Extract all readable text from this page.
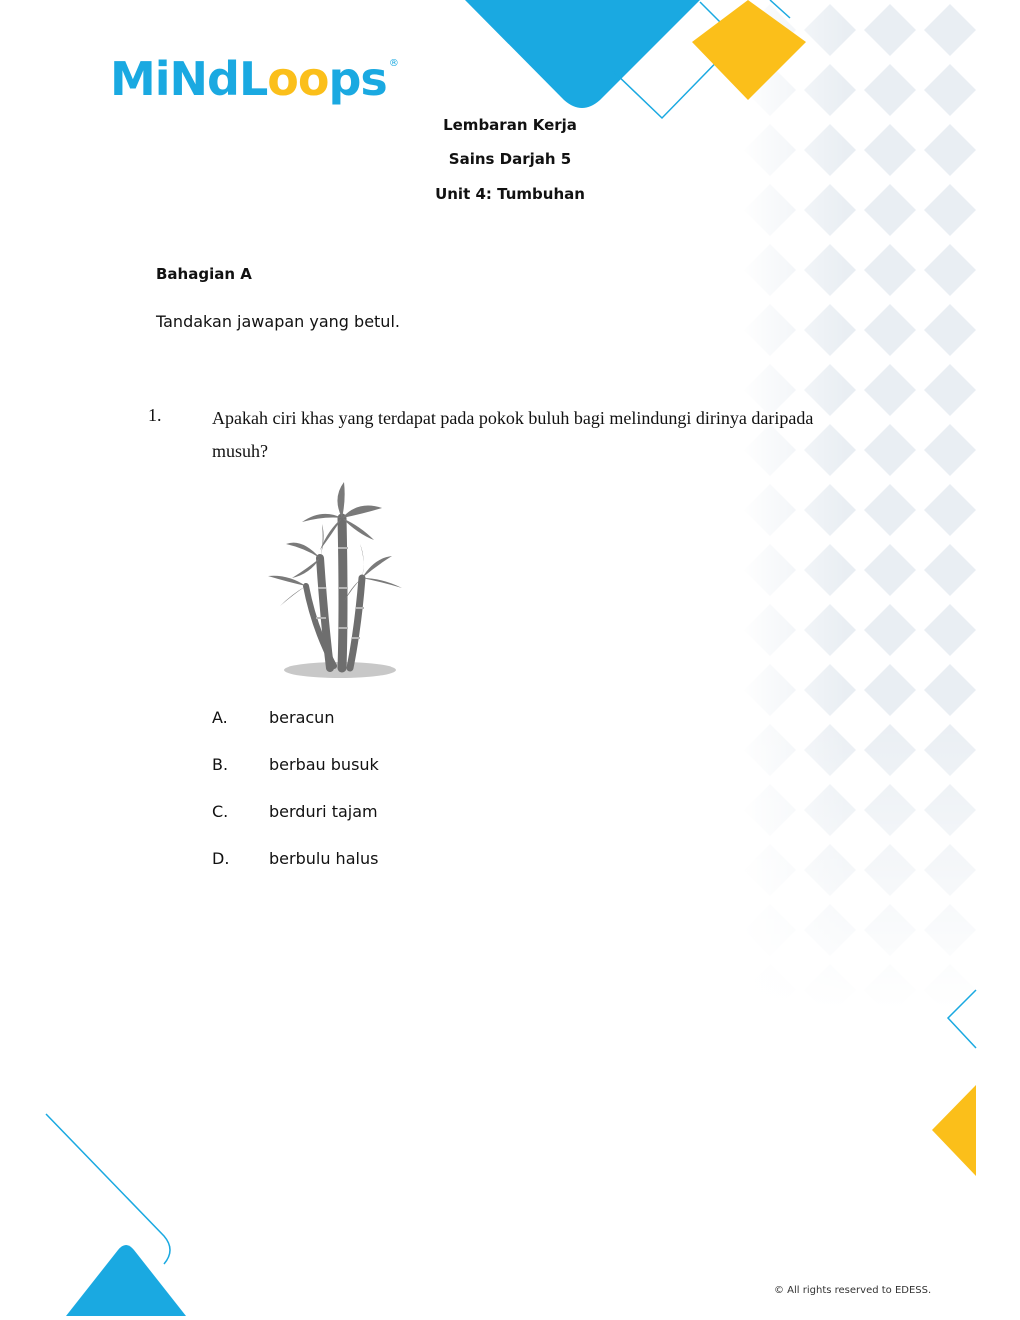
MiNdL oo ps ®
Lembaran Kerja
Sains Darjah 5
Unit 4: Tumbuhan
Bahagian A
Tandakan jawapan yang betul.
1.	Apakah ciri khas yang terdapat pada pokok buluh bagi melindungi dirinya daripada musuh?
A.	beracun
B.	berbau busuk
C.	berduri tajam
D. berbulu halus
© All rights reserved to EDESS.
